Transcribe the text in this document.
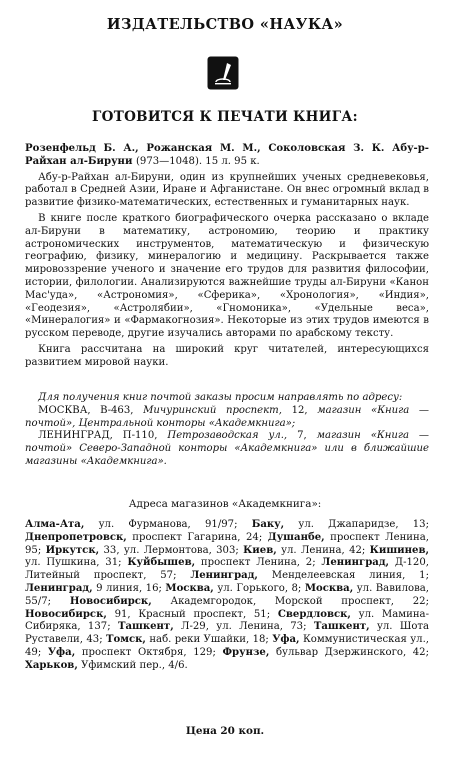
ИЗДАТЕЛЬСТВО «НАУКА»
ГОТОВИТСЯ К ПЕЧАТИ КНИГА:

Розенфельд Б. А., Рожанская М. М., Соколовская З. К. Абу-р-Райхан ал-Бируни (973—1048). 15 л. 95 к.

Абу-р-Райхан ал-Бируни, один из крупнейших ученых средневековья, работал в Средней Азии, Иране и Афганистане. Он внес огромный вклад в развитие физико-математических, естественных и гуманитарных наук.

В книге после краткого биографического очерка рассказано о вкладе ал-Бируни в математику, астрономию, теорию и практику астрономических инструментов, математическую и физическую географию, физику, минералогию и медицину. Раскрывается также мировоззрение ученого и значение его трудов для развития философии, истории, филологии. Анализируются важнейшие труды ал-Бируни «Канон Мас'уда», «Астрономия», «Сферика», «Хронология», «Индия», «Геодезия», «Астролябии», «Гномоника», «Удельные веса», «Минералогия» и «Фармакогнозия». Некоторые из этих трудов имеются в русском переводе, другие изучались авторами по арабскому тексту.

Книга рассчитана на широкий круг читателей, интересующихся развитием мировой науки.

Для получения книг почтой заказы просим направлять по адресу:

МОСКВА, В-463, Мичуринский проспект, 12, магазин «Книга — почтой», Центральной конторы «Академкнига»;

ЛЕНИНГРАД, П-110, Петрозаводская ул., 7, магазин «Книга — почтой» Северо-Западной конторы «Академкнига» или в ближайшие магазины «Академкнига».

Адреса магазинов «Академкнига»:

Алма-Ата, ул. Фурманова, 91/97; Баку, ул. Джапаридзе, 13; Днепропетровск, проспект Гагарина, 24; Душанбе, проспект Ленина, 95; Иркутск, 33, ул. Лермонтова, 303; Киев, ул. Ленина, 42; Кишинев, ул. Пушкина, 31; Куйбышев, проспект Ленина, 2; Ленинград, Д-120, Литейный проспект, 57; Ленинград, Менделеевская линия, 1; Ленинград, 9 линия, 16; Москва, ул. Горького, 8; Москва, ул. Вавилова, 55/7; Новосибирск, Академгородок, Морской проспект, 22; Новосибирск, 91, Красный проспект, 51; Свердловск, ул. Мамина-Сибиряка, 137; Ташкент, Л-29, ул. Ленина, 73; Ташкент, ул. Шота Руставели, 43; Томск, наб. реки Ушайки, 18; Уфа, Коммунистическая ул., 49; Уфа, проспект Октября, 129; Фрунзе, бульвар Дзержинского, 42; Харьков, Уфимский пер., 4/6.

Цена 20 коп.
